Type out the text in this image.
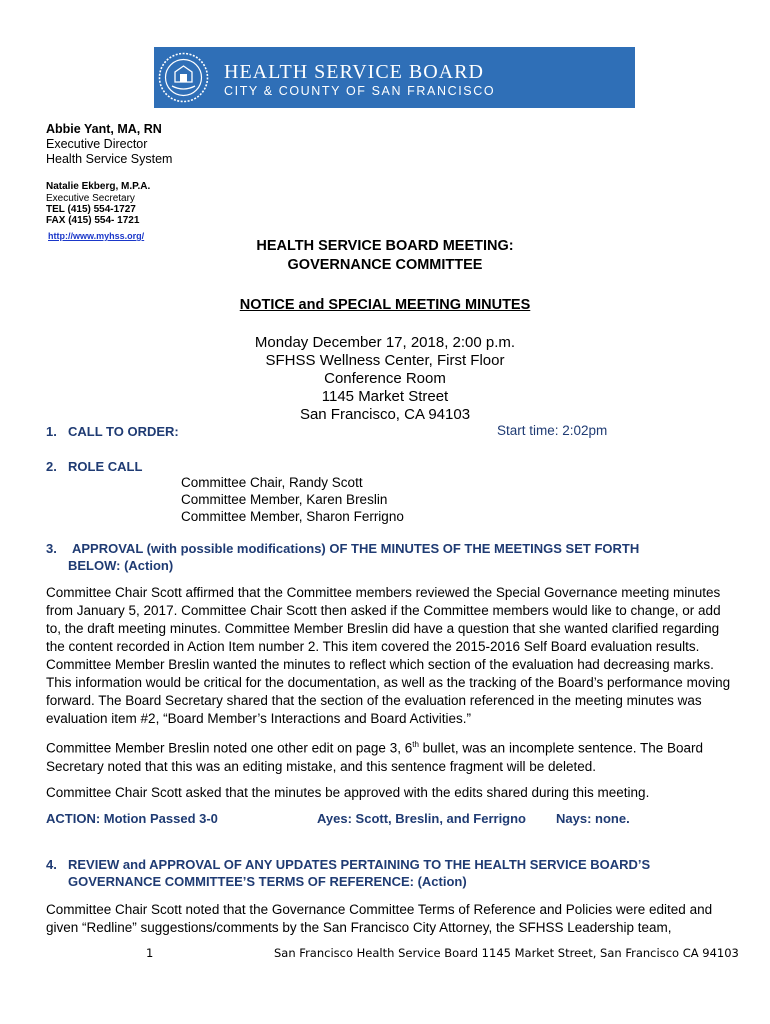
HEALTH SERVICE BOARD
CITY & COUNTY OF SAN FRANCISCO
Abbie Yant, MA, RN
Executive Director
Health Service System
Natalie Ekberg, M.P.A.
Executive Secretary
TEL (415) 554-1727
FAX (415) 554- 1721
http://www.myhss.org/
HEALTH SERVICE BOARD MEETING:
GOVERNANCE COMMITTEE
NOTICE and SPECIAL MEETING MINUTES
Monday December 17, 2018, 2:00 p.m.
SFHSS Wellness Center, First Floor
Conference Room
1145 Market Street
San Francisco, CA 94103
1. CALL TO ORDER:	Start time: 2:02pm
2. ROLE CALL
Committee Chair, Randy Scott
Committee Member, Karen Breslin
Committee Member, Sharon Ferrigno
3. APPROVAL (with possible modifications) OF THE MINUTES OF THE MEETINGS SET FORTH
BELOW: (Action)

Committee Chair Scott affirmed that the Committee members reviewed the Special Governance meeting minutes from January 5, 2017. Committee Chair Scott then asked if the Committee members would like to change, or add to, the draft meeting minutes. Committee Member Breslin did have a question that she wanted clarified regarding the content recorded in Action Item number 2. This item covered the 2015-2016 Self Board evaluation results. Committee Member Breslin wanted the minutes to reflect which section of the evaluation had decreasing marks. This information would be critical for the documentation, as well as the tracking of the Board’s performance moving forward. The Board Secretary shared that the section of the evaluation referenced in the meeting minutes was evaluation item #2, “Board Member’s Interactions and Board Activities.”

Committee Member Breslin noted one other edit on page 3, 6th bullet, was an incomplete sentence. The Board Secretary noted that this was an editing mistake, and this sentence fragment will be deleted.

Committee Chair Scott asked that the minutes be approved with the edits shared during this meeting.

ACTION: Motion Passed 3-0	Ayes: Scott, Breslin, and Ferrigno Nays: none.
4. REVIEW and APPROVAL OF ANY UPDATES PERTAINING TO THE HEALTH SERVICE BOARD’S
GOVERNANCE COMMITTEE’S TERMS OF REFERENCE: (Action)

Committee Chair Scott noted that the Governance Committee Terms of Reference and Policies were edited and given “Redline” suggestions/comments by the San Francisco City Attorney, the SFHSS Leadership team,

1	San Francisco Health Service Board 1145 Market Street, San Francisco CA 94103
